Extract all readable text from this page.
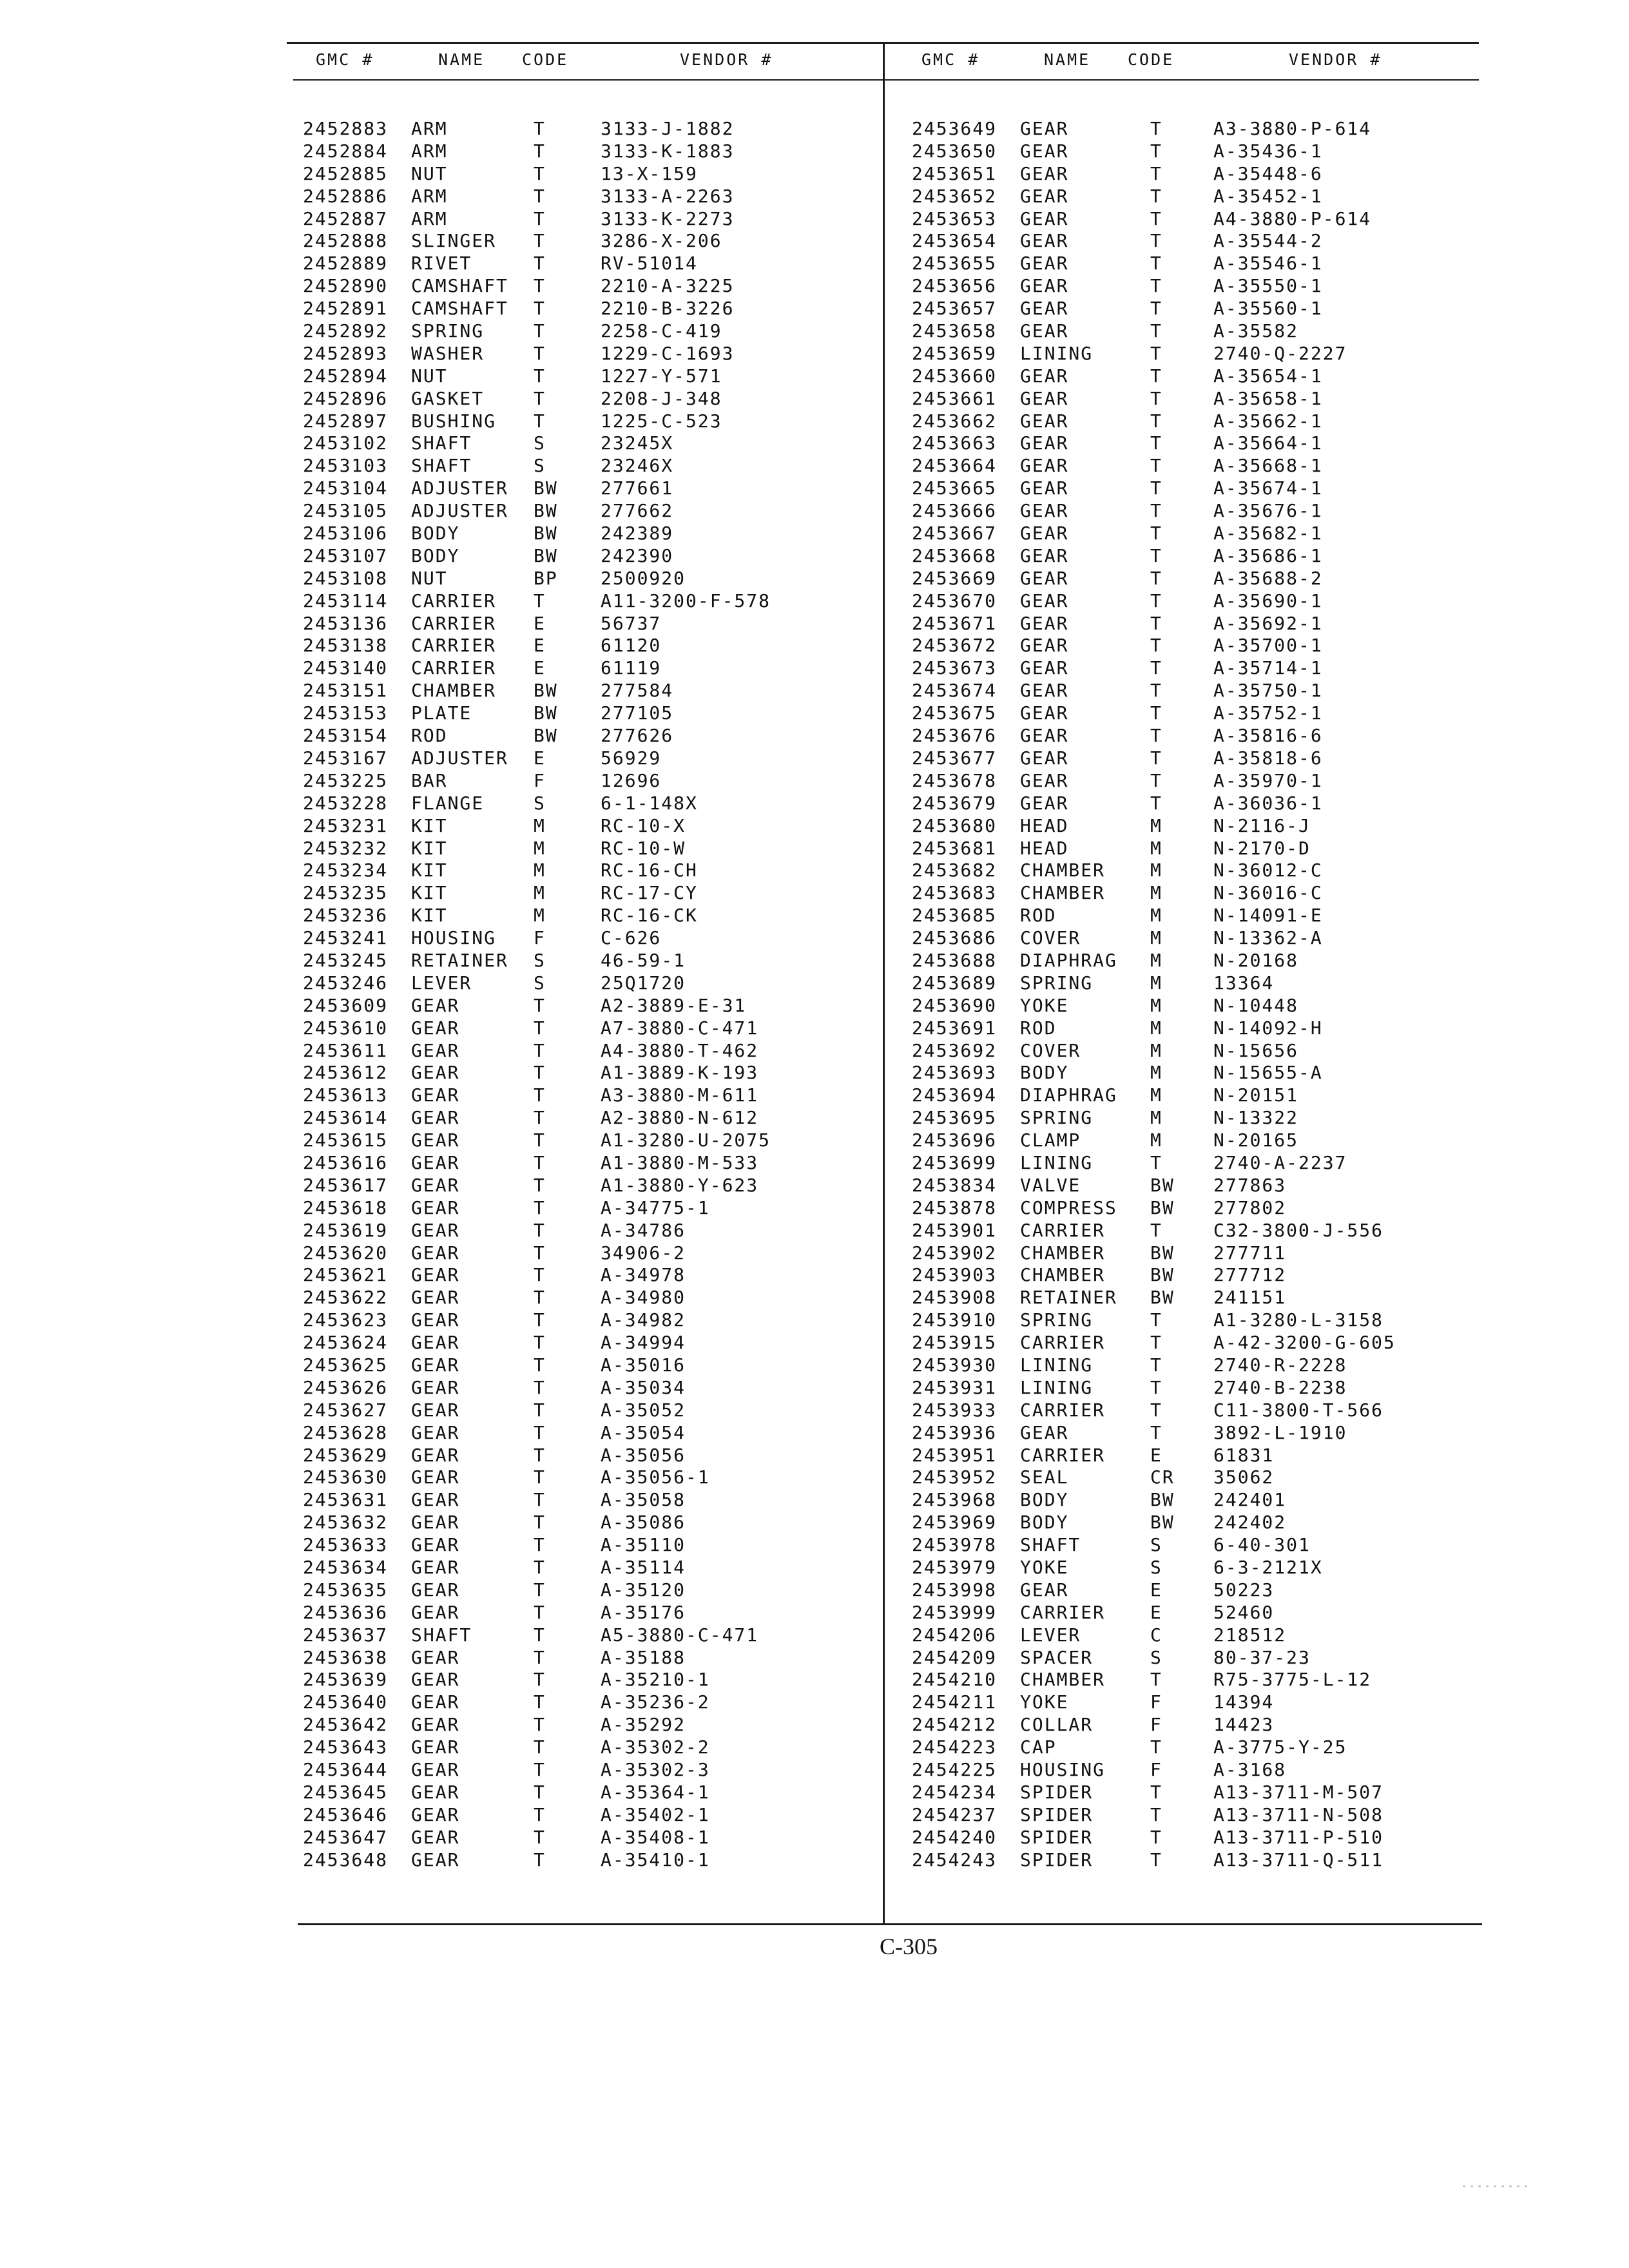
GMC #	NAME CODE	VENDOR #	GMC #	NAME CODE	VENDOR #
2452883 ARM	T	3133-J-1882
2452884 ARM	T	3133-K-1883
2452885 NUT	T	13-X-159
2452886 ARM	T	3133-A-2263
2452887 ARM	T	3133-K-2273
2452888 SLINGER T	3286-X-206
2452889 RIVET	T	RV-51014
2452890 CAMSHAFT T	2210-A-3225
2452891 CAMSHAFT T	2210-B-3226
2452892 SPRING	T	2258-C-419
2452893 WASHER	T	1229-C-1693
2452894 NUT	T	1227-Y-571
2452896 GASKET	T	2208-J-348
2452897 BUSHING T	1225-C-523
2453102 SHAFT	S	23245X
2453103 SHAFT	S	23246X
2453104 ADJUSTER BW 277661
2453105 ADJUSTER BW 277662
2453106 BODY	BW 242389
2453107 BODY	BW 242390
2453108 NUT	BP 2500920
2453114 CARRIER T	A11-3200-F-578
2453136 CARRIER E	56737
2453138 CARRIER E	61120
2453140 CARRIER E	61119
2453151 CHAMBER BW 277584
2453153 PLATE	BW 277105
2453154 ROD	BW 277626
2453167 ADJUSTER E	56929
2453225 BAR	F	12696
2453228 FLANGE	S	6-1-148X
2453231 KIT	M	RC-10-X
2453232 KIT	M	RC-10-W
2453234 KIT	M	RC-16-CH
2453235 KIT	M	RC-17-CY
2453236 KIT	M	RC-16-CK
2453241 HOUSING F	C-626
2453245 RETAINER S	46-59-1
2453246 LEVER	S	25Q1720
2453609 GEAR	T	A2-3889-E-31
2453610 GEAR	T	A7-3880-C-471
2453611 GEAR	T	A4-3880-T-462
2453612 GEAR	T	A1-3889-K-193
2453613 GEAR	T	A3-3880-M-611
2453614 GEAR	T	A2-3880-N-612
2453615 GEAR	T	A1-3280-U-2075
2453616 GEAR	T	A1-3880-M-533
2453617 GEAR	T	A1-3880-Y-623
2453618 GEAR	T	A-34775-1
2453619 GEAR	T	A-34786
2453620 GEAR	T	34906-2
2453621 GEAR	T	A-34978
2453622 GEAR	T	A-34980
2453623 GEAR	T	A-34982
2453624 GEAR	T	A-34994
2453625 GEAR	T	A-35016
2453626 GEAR	T	A-35034
2453627 GEAR	T	A-35052
2453628 GEAR	T	A-35054
2453629 GEAR	T	A-35056
2453630 GEAR	T	A-35056-1
2453631 GEAR	T	A-35058
2453632 GEAR	T	A-35086
2453633 GEAR	T	A-35110
2453634 GEAR	T	A-35114
2453635 GEAR	T	A-35120
2453636 GEAR	T	A-35176
2453637 SHAFT	T	A5-3880-C-471
2453638 GEAR	T	A-35188
2453639 GEAR	T	A-35210-1
2453640 GEAR	T	A-35236-2
2453642 GEAR	T	A-35292
2453643 GEAR	T	A-35302-2
2453644 GEAR	T	A-35302-3
2453645 GEAR	T	A-35364-1
2453646 GEAR	T	A-35402-1
2453647 GEAR	T	A-35408-1
2453648 GEAR	T	A-35410-1
2453649 GEAR	T	A3-3880-P-614
2453650 GEAR	T	A-35436-1
2453651 GEAR	T	A-35448-6
2453652 GEAR	T	A-35452-1
2453653 GEAR	T	A4-3880-P-614
2453654 GEAR	T	A-35544-2
2453655 GEAR	T	A-35546-1
2453656 GEAR	T	A-35550-1
2453657 GEAR	T	A-35560-1
2453658 GEAR	T	A-35582
2453659 LINING	T	2740-Q-2227
2453660 GEAR	T	A-35654-1
2453661 GEAR	T	A-35658-1
2453662 GEAR	T	A-35662-1
2453663 GEAR	T	A-35664-1
2453664 GEAR	T	A-35668-1
2453665 GEAR	T	A-35674-1
2453666 GEAR	T	A-35676-1
2453667 GEAR	T	A-35682-1
2453668 GEAR	T	A-35686-1
2453669 GEAR	T	A-35688-2
2453670 GEAR	T	A-35690-1
2453671 GEAR	T	A-35692-1
2453672 GEAR	T	A-35700-1
2453673 GEAR	T	A-35714-1
2453674 GEAR	T	A-35750-1
2453675 GEAR	T	A-35752-1
2453676 GEAR	T	A-35816-6
2453677 GEAR	T	A-35818-6
2453678 GEAR	T	A-35970-1
2453679 GEAR	T	A-36036-1
2453680 HEAD	M	N-2116-J
2453681 HEAD	M	N-2170-D
2453682 CHAMBER M	N-36012-C
2453683 CHAMBER M	N-36016-C
2453685 ROD	M	N-14091-E
2453686 COVER	M	N-13362-A
2453688 DIAPHRAG M	N-20168
2453689 SPRING	M	13364
2453690 YOKE	M	N-10448
2453691 ROD	M	N-14092-H
2453692 COVER	M	N-15656
2453693 BODY	M	N-15655-A
2453694 DIAPHRAG M	N-20151
2453695 SPRING	M	N-13322
2453696 CLAMP	M	N-20165
2453699 LINING	T	2740-A-2237
2453834 VALVE	BW 277863
2453878 COMPRESS BW 277802
2453901 CARRIER T	C32-3800-J-556
2453902 CHAMBER BW 277711
2453903 CHAMBER BW 277712
2453908 RETAINER BW 241151
2453910 SPRING	T	A1-3280-L-3158
2453915 CARRIER T	A-42-3200-G-605
2453930 LINING	T	2740-R-2228
2453931 LINING	T	2740-B-2238
2453933 CARRIER T	C11-3800-T-566
2453936 GEAR	T	3892-L-1910
2453951 CARRIER E	61831
2453952 SEAL	CR 35062
2453968 BODY	BW 242401
2453969 BODY	BW 242402
2453978 SHAFT	S	6-40-301
2453979 YOKE	S	6-3-2121X
2453998 GEAR	E	50223
2453999 CARRIER E	52460
2454206 LEVER	C	218512
2454209 SPACER	S	80-37-23
2454210 CHAMBER T	R75-3775-L-12
2454211 YOKE	F	14394
2454212 COLLAR	F	14423
2454223 CAP	T	A-3775-Y-25
2454225 HOUSING F	A-3168
2454234 SPIDER	T	A13-3711-M-507
2454237 SPIDER	T	A13-3711-N-508
2454240 SPIDER	T	A13-3711-P-510
2454243 SPIDER	T	A13-3711-Q-511
C-305
